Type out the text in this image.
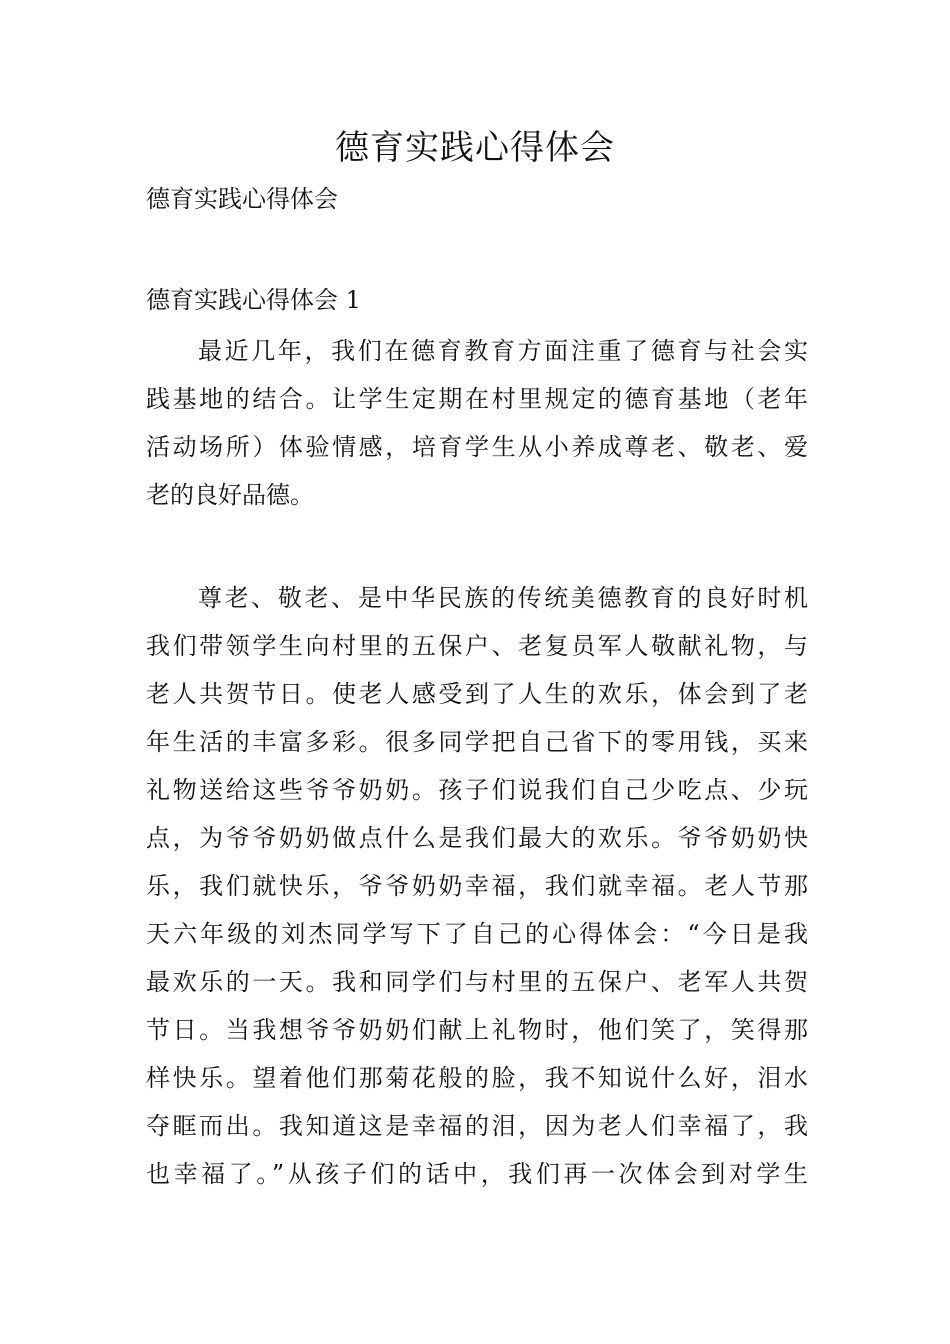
德育实践心得体会
德育实践心得体会
德育实践心得体会 1
最近几年，我们在德育教育方面注重了德育与社会实
践基地的结合。让学生定期在村里规定的德育基地（老年
活动场所）体验情感，培育学生从小养成尊老、敬老、爱
老的良好品德。
尊老、敬老、是中华民族的传统美德教育的良好时机
我们带领学生向村里的五保户、老复员军人敬献礼物，与
老人共贺节日。使老人感受到了人生的欢乐，体会到了老
年生活的丰富多彩。很多同学把自己省下的零用钱，买来
礼物送给这些爷爷奶奶。孩子们说我们自己少吃点、少玩
点，为爷爷奶奶做点什么是我们最大的欢乐。爷爷奶奶快
乐，我们就快乐，爷爷奶奶幸福，我们就幸福。老人节那
天六年级的刘杰同学写下了自己的心得体会：“今日是我
最欢乐的一天。我和同学们与村里的五保户、老军人共贺
节日。当我想爷爷奶奶们献上礼物时，他们笑了，笑得那
样快乐。望着他们那菊花般的脸，我不知说什么好，泪水
夺眶而出。我知道这是幸福的泪，因为老人们幸福了，我
也幸福了。”从孩子们的话中，我们再一次体会到对学生
